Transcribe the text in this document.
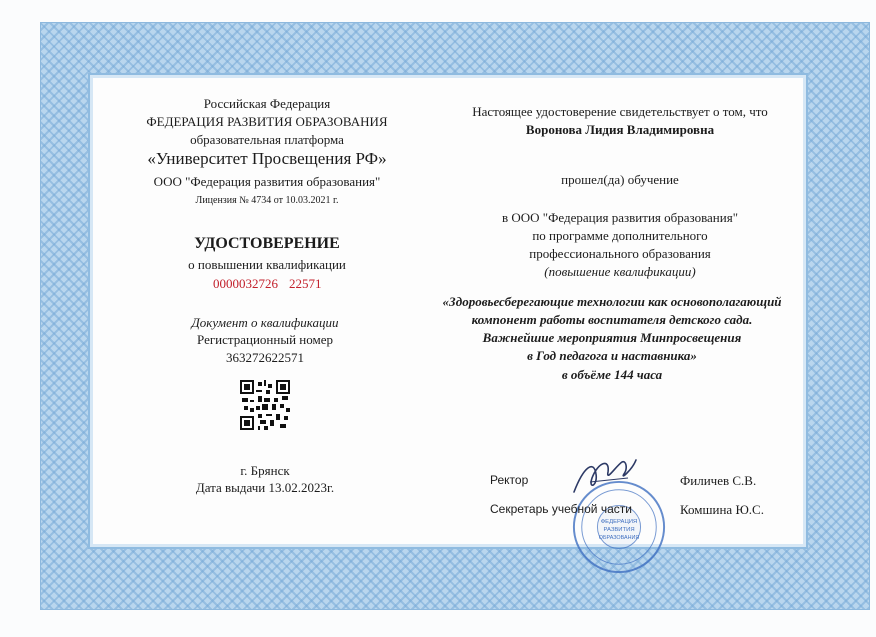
Российская Федерация
ФЕДЕРАЦИЯ РАЗВИТИЯ ОБРАЗОВАНИЯ
образовательная платформа
«Университет Просвещения РФ»
ООО "Федерация развития образования"
Лицензия № 4734 от 10.03.2021 г.
УДОСТОВЕРЕНИЕ
о повышении квалификации
0000032726 22571
Документ о квалификации
Регистрационный номер
363272622571
г. Брянск
Дата выдачи 13.02.2023г.
Настоящее удостоверение свидетельствует о том, что
Воронова Лидия Владимировна
прошел(да) обучение
в ООО "Федерация развития образования"
по программе дополнительного
профессионального образования
(повышение квалификации)
«Здоровьесберегающие технологии как основополагающий
компонент работы воспитателя детского сада.
Важнейшие мероприятия Минпросвещения
в Год педагога и наставника»
в объёме 144 часа
ФЕДЕРАЦИЯ
РАЗВИТИЯ
ОБРАЗОВАНИЯ
Ректор	Филичев С.В.
Секретарь учебной части	Комшина Ю.С.
